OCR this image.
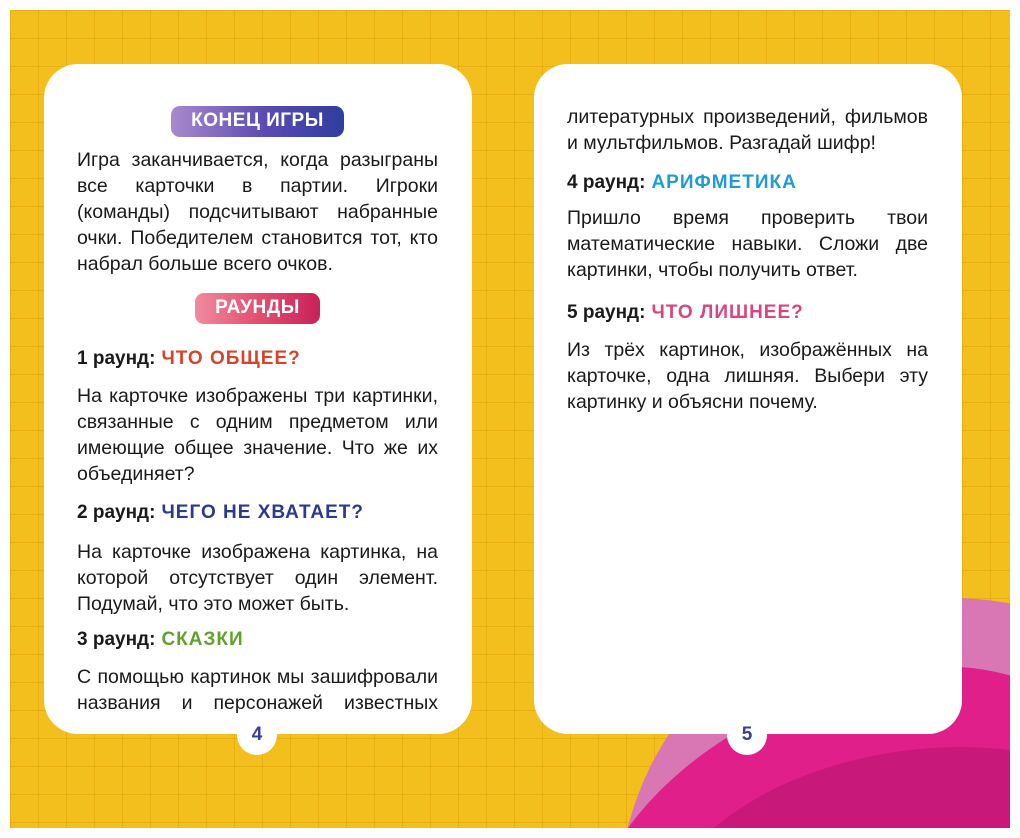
КОНЕЦ ИГРЫ

Игра заканчивается, когда разыграны все карточки в партии. Игроки (команды) подсчитывают набранные очки. Победителем становится тот, кто набрал больше всего очков.

РАУНДЫ
1 раунд: ЧТО ОБЩЕЕ?

На карточке изображены три картинки, связанные с одним предметом или имеющие общее значение. Что же их объединяет?

2 раунд: ЧЕГО НЕ ХВАТАЕТ?

На карточке изображена картинка, на которой отсутствует один элемент. Подумай, что это может быть.

3 раунд: СКАЗКИ

С помощью картинок мы зашифровали названия и персонажей известных

4

литературных произведений, фильмов и мультфильмов. Разгадай шифр!

4 раунд: АРИФМЕТИКА

Пришло время проверить твои математические навыки. Сложи две картинки, чтобы получить ответ.

5 раунд: ЧТО ЛИШНЕЕ?

Из трёх картинок, изображённых на карточке, одна лишняя. Выбери эту картинку и объясни почему.

5
